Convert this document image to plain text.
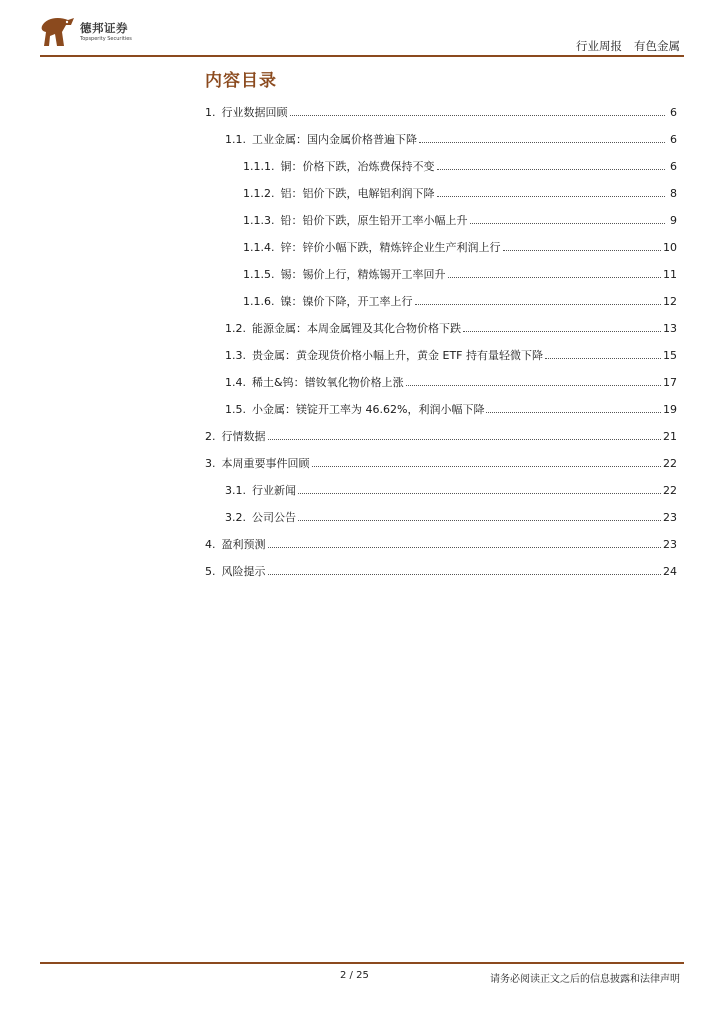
德邦证券
Topsperity Securities	行业周报 有色金属
内容目录
1. 行业数据回顾	6
1.1. 工业金属：国内金属价格普遍下降	6
1.1.1. 铜：价格下跌，冶炼费保持不变	6
1.1.2. 铝：铝价下跌，电解铝利润下降	8
1.1.3. 铅：铅价下跌，原生铅开工率小幅上升	9
1.1.4. 锌：锌价小幅下跌，精炼锌企业生产利润上行	10
1.1.5. 锡：锡价上行，精炼锡开工率回升	11
1.1.6. 镍：镍价下降，开工率上行	12
1.2. 能源金属：本周金属锂及其化合物价格下跌	13
1.3. 贵金属：黄金现货价格小幅上升，黄金 ETF 持有量轻微下降	15
1.4. 稀土&钨：镨钕氧化物价格上涨	17
1.5. 小金属：镁锭开工率为 46.62%，利润小幅下降	19
2. 行情数据	21
3. 本周重要事件回顾	22
3.1. 行业新闻	22
3.2. 公司公告	23
4. 盈利预测	23
5. 风险提示	24
2 / 25	请务必阅读正文之后的信息披露和法律声明
